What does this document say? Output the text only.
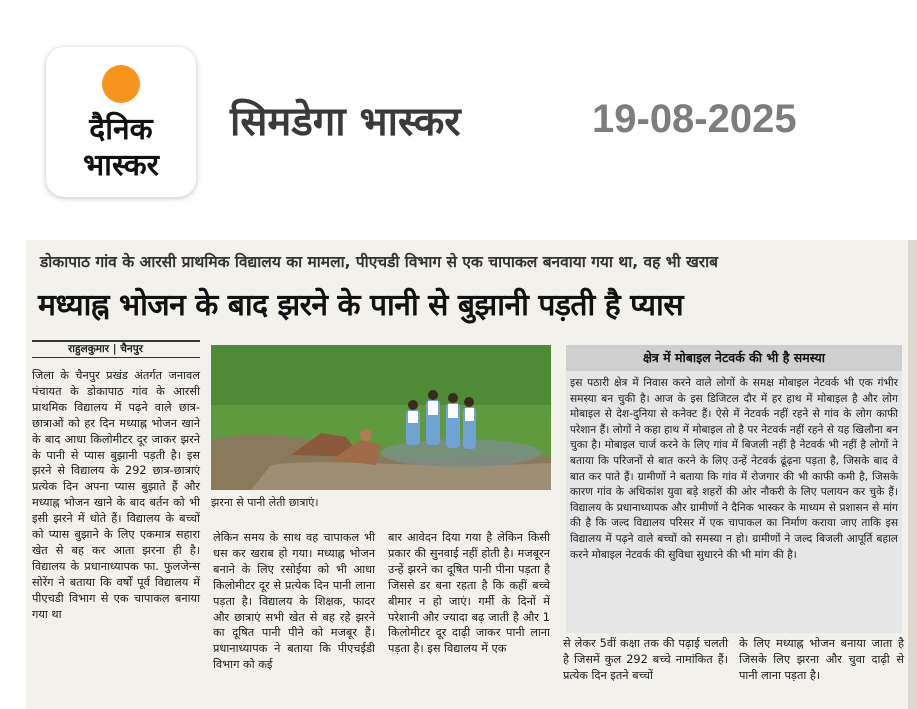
दैनिक
भास्कर
सिमडेगा भास्कर	19-08-2025
डोकापाठ गांव के आरसी प्राथमिक विद्यालय का मामला, पीएचडी विभाग से एक चापाकल बनवाया गया था, वह भी खराब
मध्याह्न भोजन के बाद झरने के पानी से बुझानी पड़ती है प्यास
राहुलकुमार | चैनपुर
जिला के चैनपुर प्रखंड अंतर्गत जनावल पंचायत के डोकापाठ गांव के आरसी प्राथमिक विद्यालय में पढ़ने वाले छात्र-छात्राओं को हर दिन मध्याह्न भोजन खाने के बाद आधा किलोमीटर दूर जाकर झरने के पानी से प्यास बुझानी पड़ती है। इस झरने से विद्यालय के 292 छात्र-छात्राएं प्रत्येक दिन अपना प्यास बुझाते हैं और मध्याह्न भोजन खाने के बाद बर्तन को भी इसी झरने में धोते हैं। विद्यालय के बच्चों को प्यास बुझाने के लिए एकमात्र सहारा खेत से बह कर आता झरना ही है। विद्यालय के प्रधानाध्यापक फा. फुलजेन्स सोरेंग ने बताया कि वर्षों पूर्व विद्यालय में पीएचडी विभाग से एक चापाकल बनाया गया था
झरना से पानी लेती छात्राएं।
लेकिन समय के साथ वह चापाकल भी धस कर खराब हो गया। मध्याह्न भोजन बनाने के लिए रसोईया को भी आधा किलोमीटर दूर से प्रत्येक दिन पानी लाना पड़ता है। विद्यालय के शिक्षक, फादर और छात्राएं सभी खेत से बह रहे झरने का दूषित पानी पीने को मजबूर हैं। प्रधानाध्यापक ने बताया कि पीएचईडी विभाग को कई
बार आवेदन दिया गया है लेकिन किसी प्रकार की सुनवाई नहीं होती है। मजबूरन उन्हें झरने का दूषित पानी पीना पड़ता है जिससे डर बना रहता है कि कहीं बच्चे बीमार न हो जाएं। गर्मी के दिनों में परेशानी और ज्यादा बढ़ जाती है और 1 किलोमीटर दूर दाढ़ी जाकर पानी लाना पड़ता है। इस विद्यालय में एक
क्षेत्र में मोबाइल नेटवर्क की भी है समस्या
इस पठारी क्षेत्र में निवास करने वाले लोगों के समक्ष मोबाइल नेटवर्क भी एक गंभीर समस्या बन चुकी है। आज के इस डिजिटल दौर में हर हाथ में मोबाइल है और लोग मोबाइल से देश-दुनिया से कनेक्ट हैं। ऐसे में नेटवर्क नहीं रहने से गांव के लोग काफी परेशान हैं। लोगों ने कहा हाथ में मोबाइल तो है पर नेटवर्क नहीं रहने से यह खिलौना बन चुका है। मोबाइल चार्ज करने के लिए गांव में बिजली नहीं है नेटवर्क भी नहीं है लोगों ने बताया कि परिजनों से बात करने के लिए उन्हें नेटवर्क ढूंढ़ना पड़ता है, जिसके बाद वे बात कर पाते हैं। ग्रामीणों ने बताया कि गांव में रोजगार की भी काफी कमी है, जिसके कारण गांव के अधिकांश युवा बड़े शहरों की ओर नौकरी के लिए पलायन कर चुके हैं। विद्यालय के प्रधानाध्यापक और ग्रामीणों ने दैनिक भास्कर के माध्यम से प्रशासन से मांग की है कि जल्द विद्यालय परिसर में एक चापाकल का निर्माण कराया जाए ताकि इस विद्यालय में पढ़ने वाले बच्चों को समस्या न हो। ग्रामीणों ने जल्द बिजली आपूर्ति बहाल करने मोबाइल नेटवर्क की सुविधा सुधारने की भी मांग की है।
से लेकर 5वीं कक्षा तक की पढ़ाई चलती है जिसमें कुल 292 बच्चे नामांकित हैं। प्रत्येक दिन इतने बच्चों
के लिए मध्याह्न भोजन बनाया जाता है जिसके लिए झरना और चुवा दाढ़ी से पानी लाना पड़ता है।
